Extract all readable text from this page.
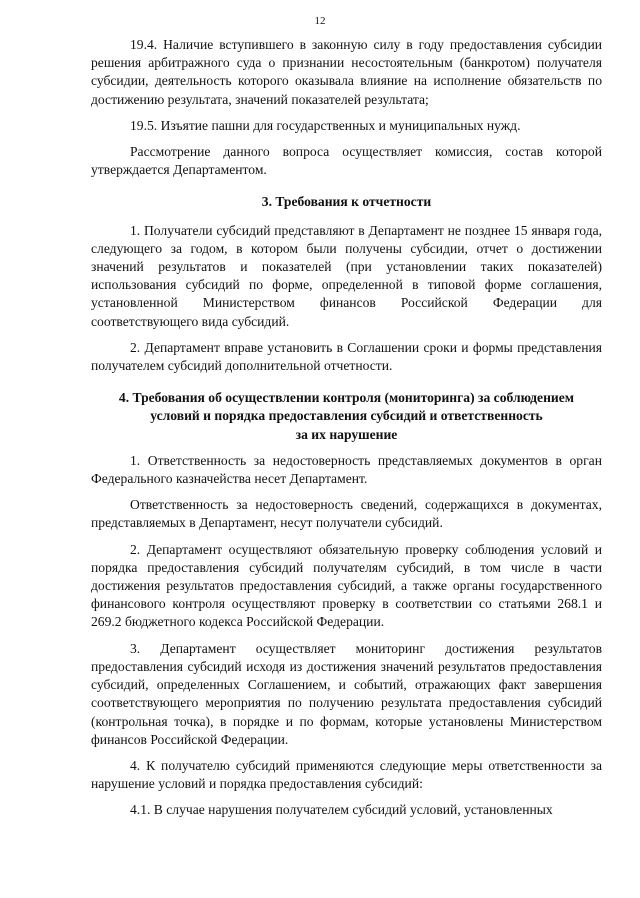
12

19.4. Наличие вступившего в законную силу в году предоставления субсидии решения арбитражного суда о признании несостоятельным (банкротом) получателя субсидии, деятельность которого оказывала влияние на исполнение обязательств по достижению результата, значений показателей результата;

19.5. Изъятие пашни для государственных и муниципальных нужд.

Рассмотрение данного вопроса осуществляет комиссия, состав которой утверждается Департаментом.

3. Требования к отчетности

1. Получатели субсидий представляют в Департамент не позднее 15 января года, следующего за годом, в котором были получены субсидии, отчет о достижении значений результатов и показателей (при установлении таких показателей) использования субсидий по форме, определенной в типовой форме соглашения, установленной Министерством финансов Российской Федерации для соответствующего вида субсидий.

2. Департамент вправе установить в Соглашении сроки и формы представления получателем субсидий дополнительной отчетности.

4. Требования об осуществлении контроля (мониторинга) за соблюдением
условий и порядка предоставления субсидий и ответственность
за их нарушение

1. Ответственность за недостоверность представляемых документов в орган Федерального казначейства несет Департамент.

Ответственность за недостоверность сведений, содержащихся в документах, представляемых в Департамент, несут получатели субсидий.

2. Департамент осуществляют обязательную проверку соблюдения условий и порядка предоставления субсидий получателям субсидий, в том числе в части достижения результатов предоставления субсидий, а также органы государственного финансового контроля осуществляют проверку в соответствии со статьями 268.1 и 269.2 бюджетного кодекса Российской Федерации.

3. Департамент осуществляет мониторинг достижения результатов предоставления субсидий исходя из достижения значений результатов предоставления субсидий, определенных Соглашением, и событий, отражающих факт завершения соответствующего мероприятия по получению результата предоставления субсидий (контрольная точка), в порядке и по формам, которые установлены Министерством финансов Российской Федерации.

4. К получателю субсидий применяются следующие меры ответственности за нарушение условий и порядка предоставления субсидий:

4.1. В случае нарушения получателем субсидий условий, установленных
